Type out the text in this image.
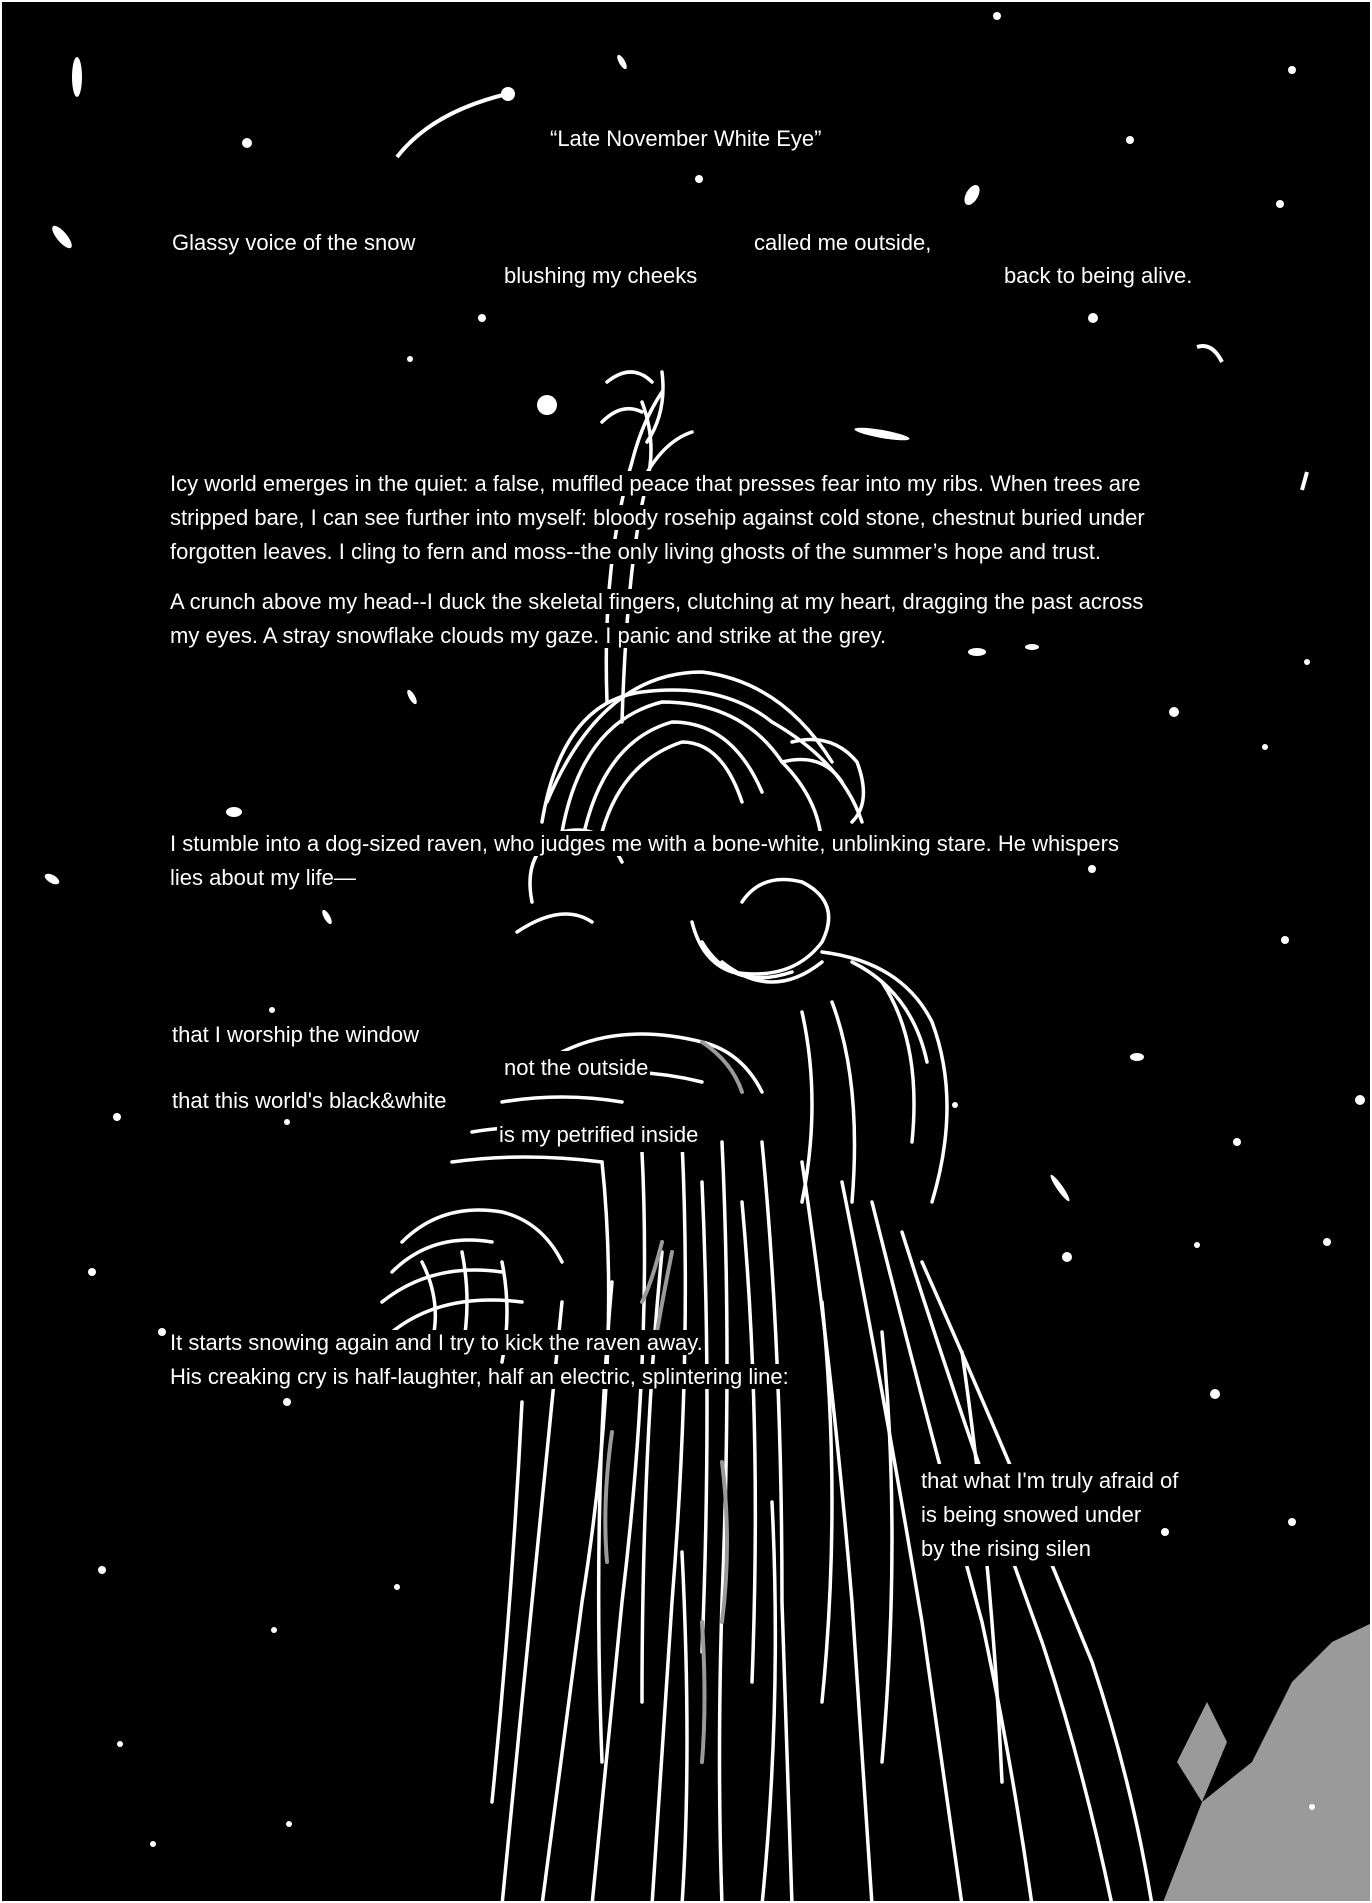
“Late November White Eye”
Glassy voice of the snow	called me outside,
blushing my cheeks	back to being alive.
Icy world emerges in the quiet: a false, muffled peace that presses fear into my ribs. When trees are
stripped bare, I can see further into myself: bloody rosehip against cold stone, chestnut buried under
forgotten leaves. I cling to fern and moss--the only living ghosts of the summer’s hope and trust.
A crunch above my head--I duck the skeletal fingers, clutching at my heart, dragging the past across
my eyes. A stray snowflake clouds my gaze. I panic and strike at the grey.
I stumble into a dog-sized raven, who judges me with a bone-white, unblinking stare. He whispers
lies about my life—
that I worship the window
not the outside
that this world's black&white
is my petrified inside
It starts snowing again and I try to kick the raven away.
His creaking cry is half-laughter, half an electric, splintering line:
that what I'm truly afraid of
is being snowed under
by the rising silen
